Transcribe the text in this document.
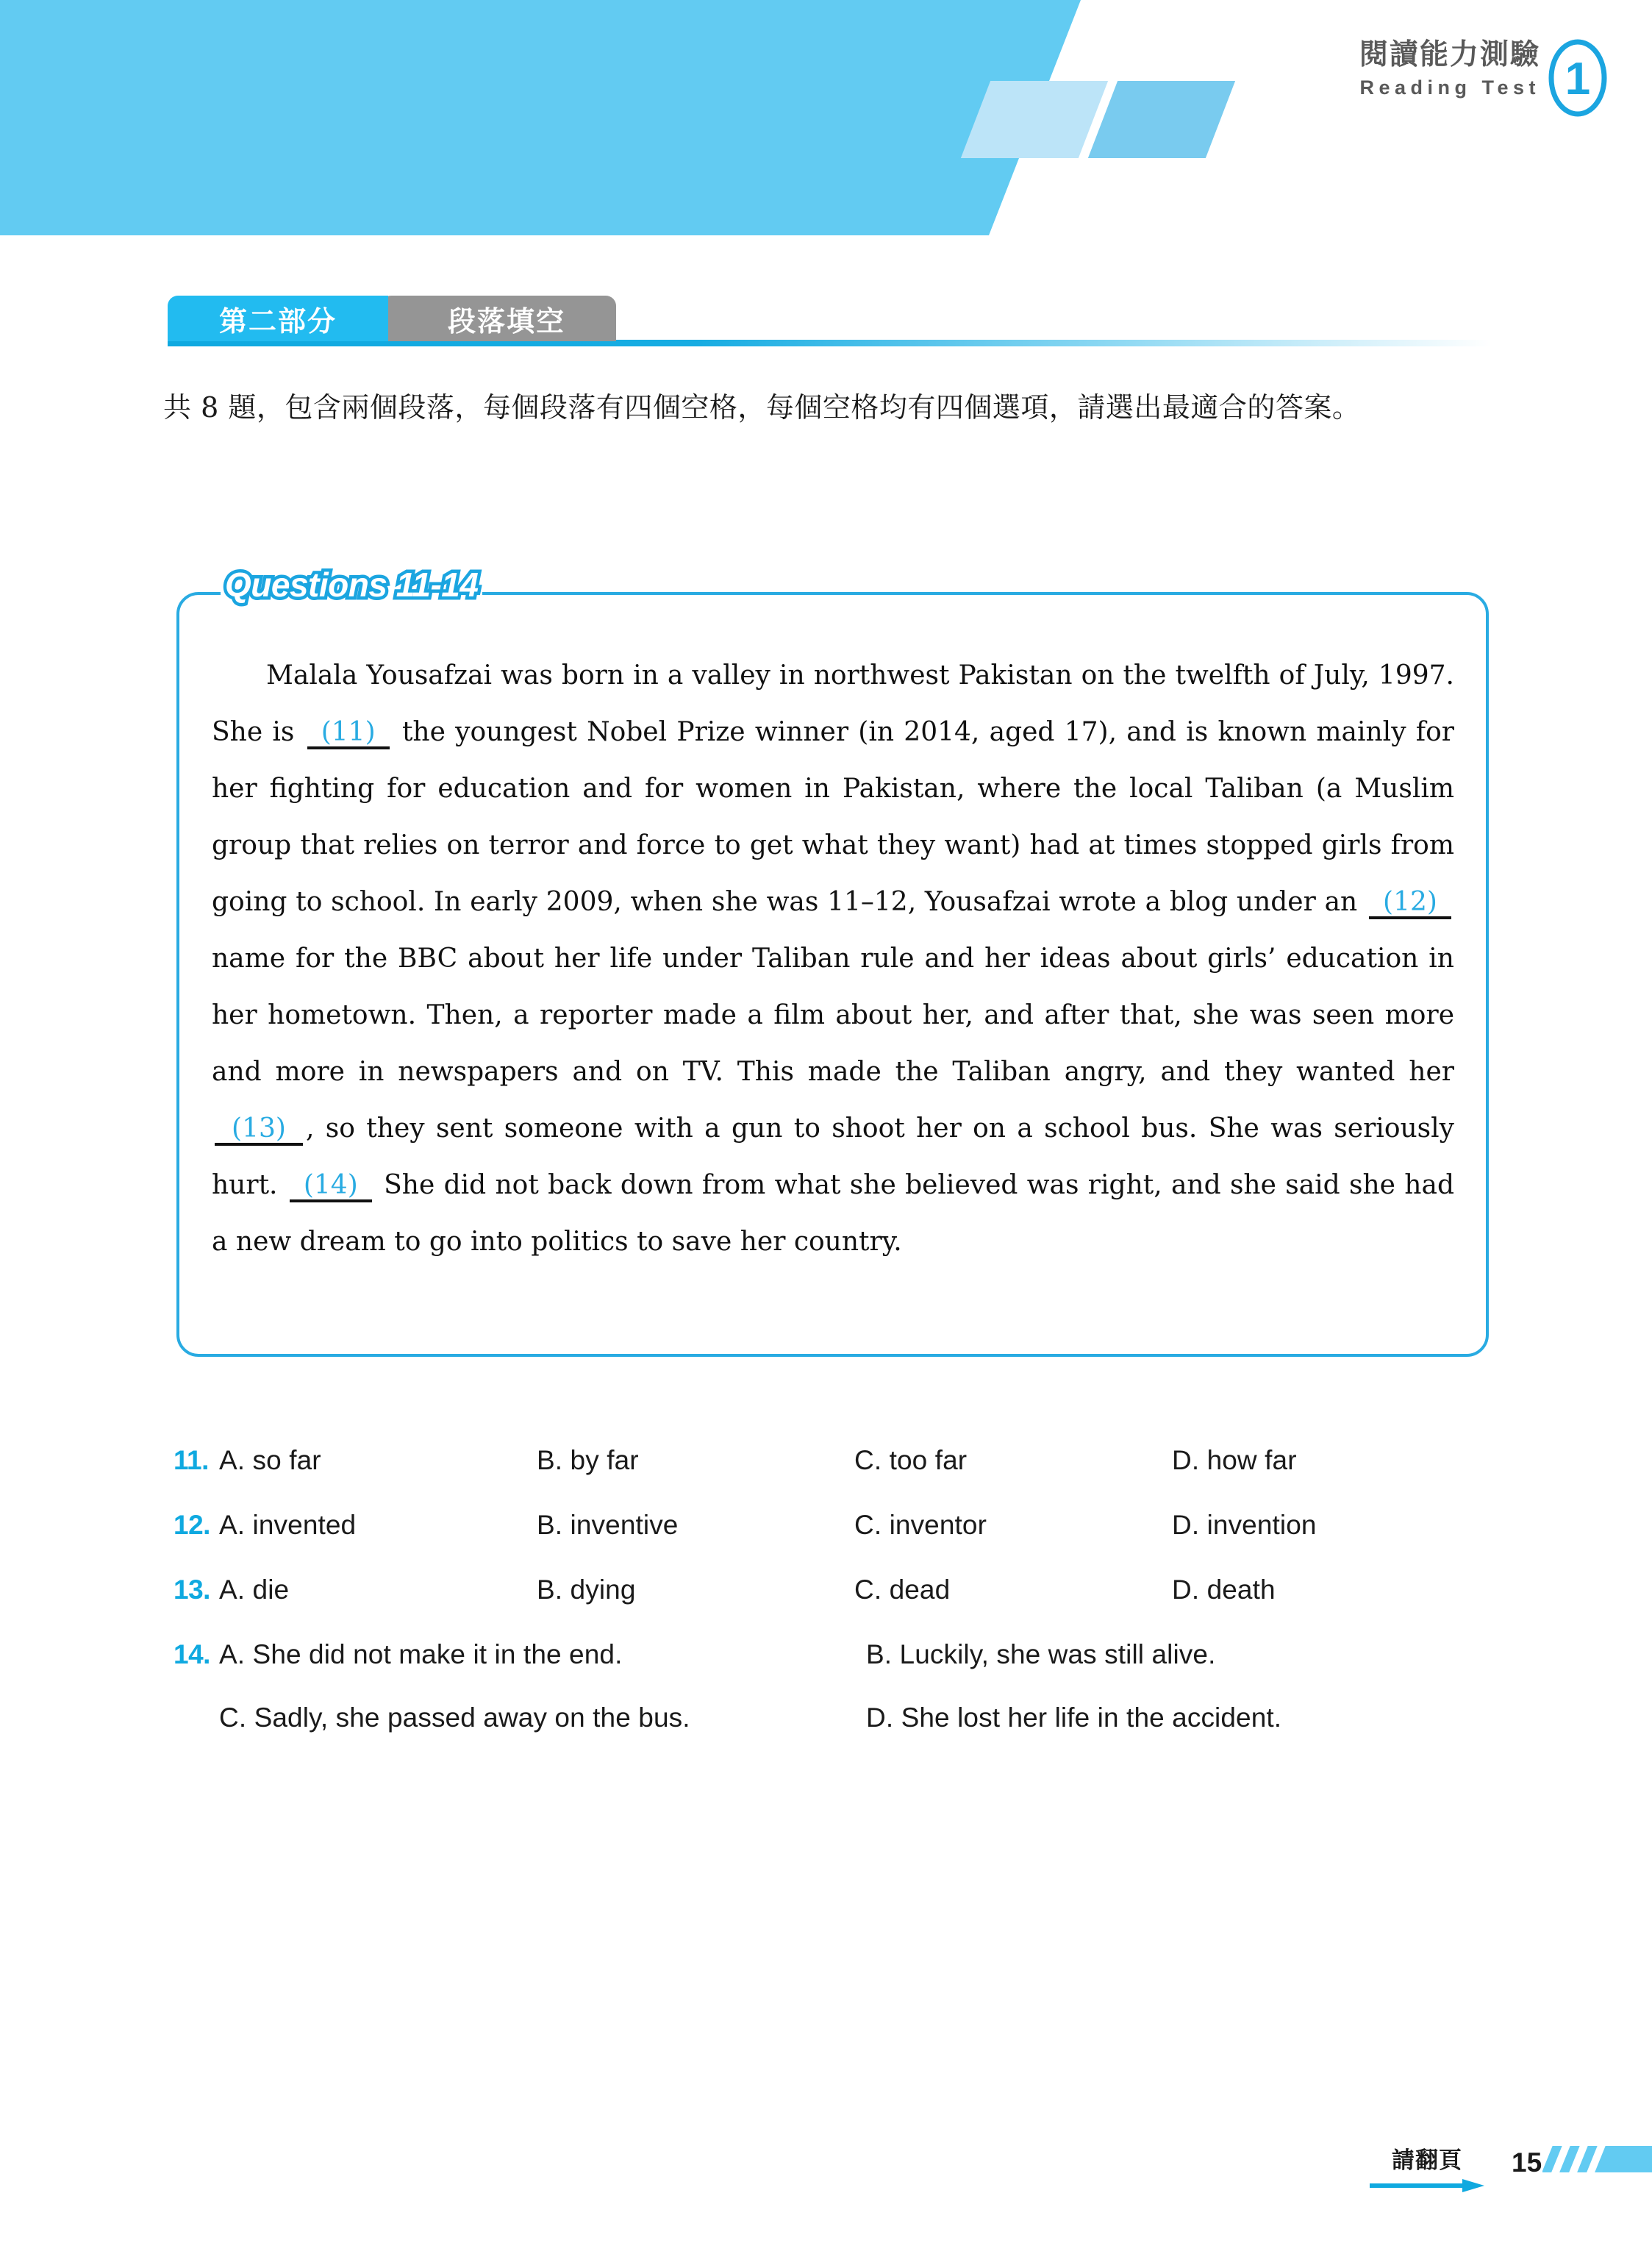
閱讀能力測驗
Reading Test 1
段落填空
第二部分
共 8 題，包含兩個段落，每個段落有四個空格，每個空格均有四個選項，請選出最適合的答案。
Questions 11-14
Malala Yousafzai was born in a valley in northwest Pakistan on the twelfth of July, 1997. She is (11) the youngest Nobel Prize winner (in 2014, aged 17), and is known mainly for her fighting for education and for women in Pakistan, where the local Taliban (a Muslim group that relies on terror and force to get what they want) had at times stopped girls from going to school. In early 2009, when she was 11–12, Yousafzai wrote a blog under an (12) name for the BBC about her life under Taliban rule and her ideas about girls’ education in her hometown. Then, a reporter made a film about her, and after that, she was seen more and more in newspapers and on TV. This made the Taliban angry, and they wanted her (13) , so they sent someone with a gun to shoot her on a school bus. She was seriously hurt. (14) She did not back down from what she believed was right, and she said she had a new dream to go into politics to save her country.
11. A. so far	B. by far	C. too far	D. how far
12. A. invented	B. inventive	C. inventor	D. invention
13. A. die	B. dying	C. dead	D. death
14. A. She did not make it in the end.	B. Luckily, she was still alive.
C. Sadly, she passed away on the bus.	D. She lost her life in the accident.
請翻頁	15
